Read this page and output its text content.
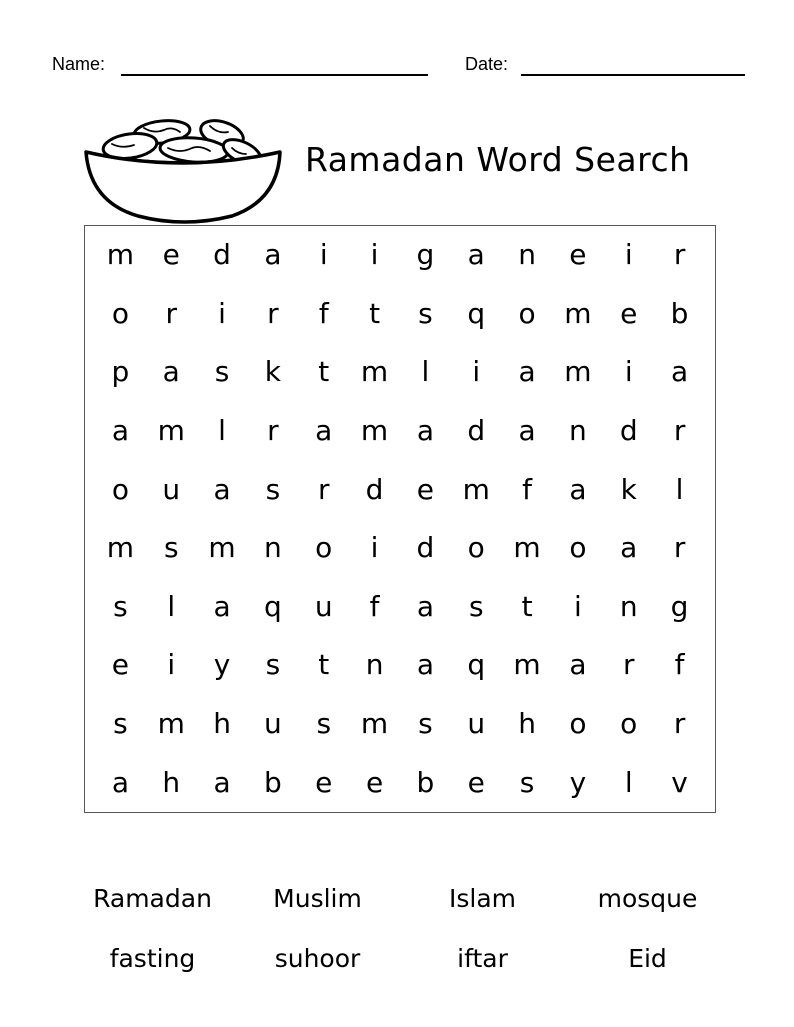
Name:	Date:
Ramadan Word Search
m	e	d	a	i	i	g	a	n	e	i	r
o	r	i	r	f	t	s	q	o	m	e	b
p	a	s	k	t	m	l	i	a	m	i	a
a	m	l	r	a	m	a	d	a	n	d	r
o	u	a	s	r	d	e	m	f	a	k	l
m	s	m	n	o	i	d	o	m	o	a	r
s	l	a	q	u	f	a	s	t	i	n	g
e	i	y	s	t	n	a	q	m	a	r	f
s	m	h	u	s	m	s	u	h	o	o	r
a	h	a	b	e	e	b	e	s	y	l	v
Ramadan	Muslim	Islam	mosque
fasting	suhoor	iftar	Eid
